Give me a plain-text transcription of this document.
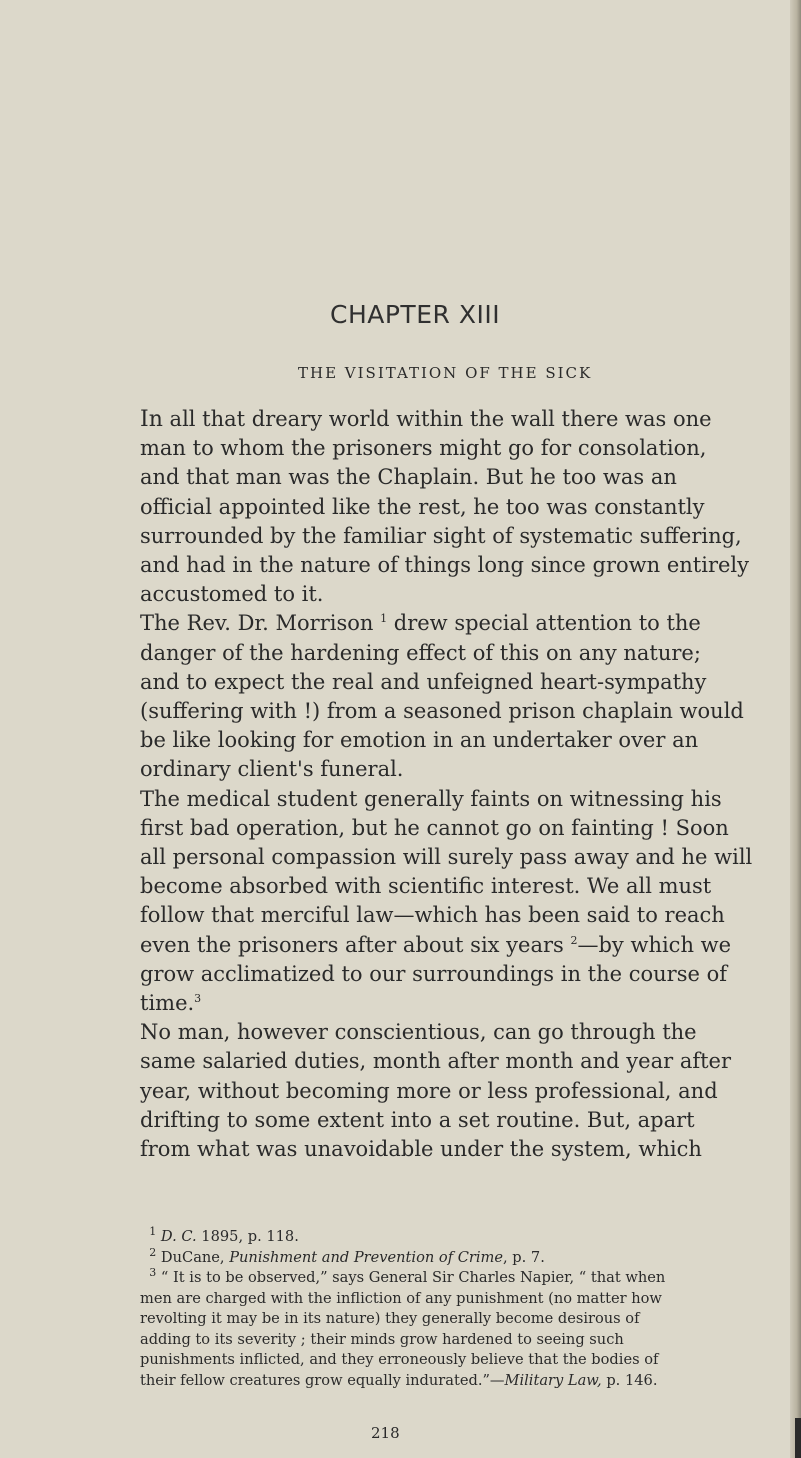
CHAPTER XIII
THE VISITATION OF THE SICK

In all that dreary world within the wall there was one
man to whom the prisoners might go for consolation,
and that man was the Chaplain. But he too was an
official appointed like the rest, he too was constantly
surrounded by the familiar sight of systematic suffering,
and had in the nature of things long since grown entirely
accustomed to it.

The Rev. Dr. Morrison $^1$ drew special attention to the
danger of the hardening effect of this on any nature;
and to expect the real and unfeigned heart-sympathy
(suffering with !) from a seasoned prison chaplain would
be like looking for emotion in an undertaker over an
ordinary client's funeral.

The medical student generally faints on witnessing his
first bad operation, but he cannot go on fainting ! Soon
all personal compassion will surely pass away and he will
become absorbed with scientific interest. We all must
follow that merciful law—which has been said to reach
even the prisoners after about six years $^2$—by which we
grow acclimatized to our surroundings in the course of
time.$^3$

No man, however conscientious, can go through the
same salaried duties, month after month and year after
year, without becoming more or less professional, and
drifting to some extent into a set routine. But, apart
from what was unavoidable under the system, which

$^1$ D. C. 1895, p. 118.
$^2$ DuCane, Punishment and Prevention of Crime, p. 7.
$^3$ “ It is to be observed,” says General Sir Charles Napier, “ that when
men are charged with the infliction of any punishment (no matter how
revolting it may be in its nature) they generally become desirous of
adding to its severity ; their minds grow hardened to seeing such
punishments inflicted, and they erroneously believe that the bodies of
their fellow creatures grow equally indurated.”—Military Law, p. 146.
218
